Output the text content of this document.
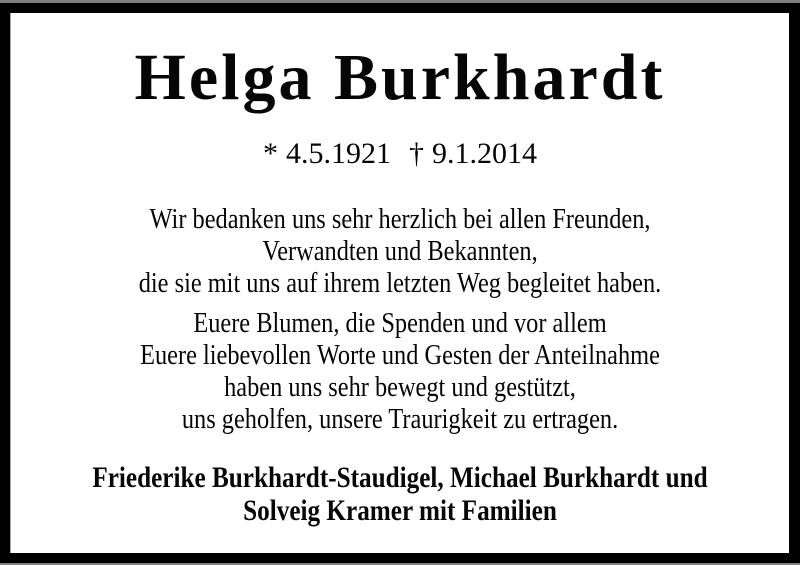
Helga Burkhardt
* 4.5.1921 † 9.1.2014
Wir bedanken uns sehr herzlich bei allen Freunden,
Verwandten und Bekannten,
die sie mit uns auf ihrem letzten Weg begleitet haben.
Euere Blumen, die Spenden und vor allem
Euere liebevollen Worte und Gesten der Anteilnahme
haben uns sehr bewegt und gestützt,
uns geholfen, unsere Traurigkeit zu ertragen.
Friederike Burkhardt-Staudigel, Michael Burkhardt und
Solveig Kramer mit Familien
